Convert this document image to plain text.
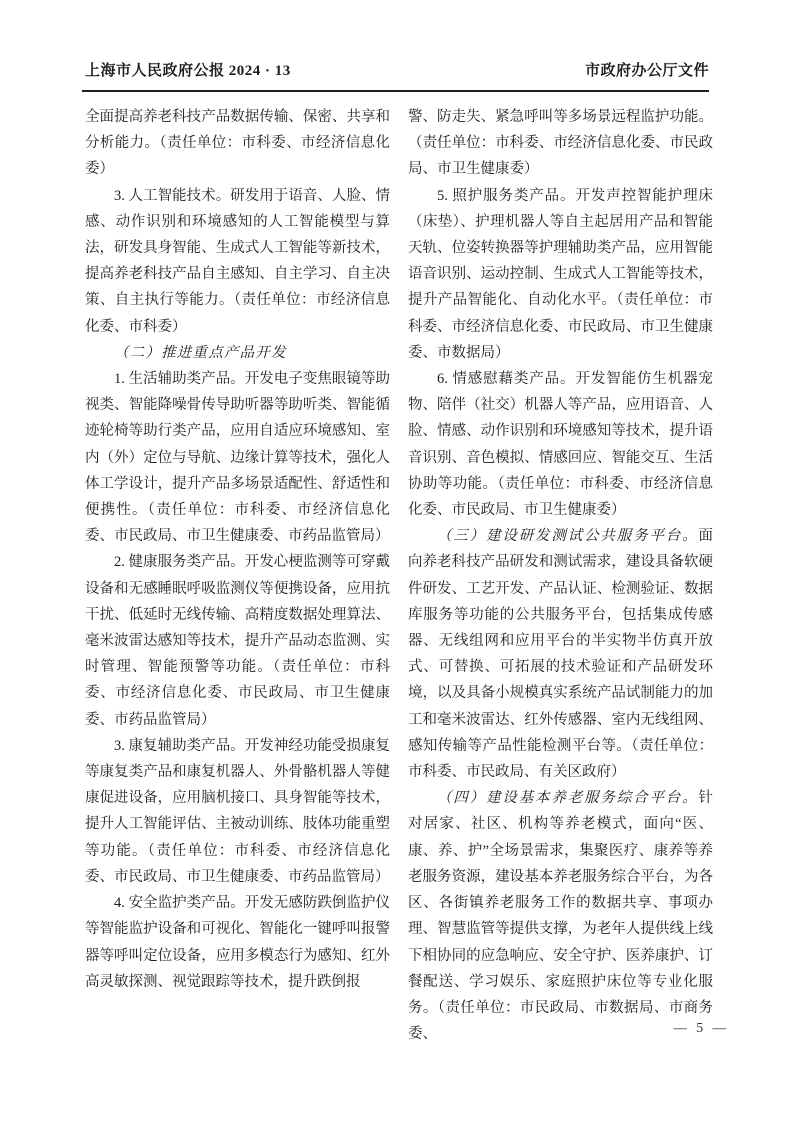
上海市人民政府公报 2024 · 13	市政府办公厅文件

全面提高养老科技产品数据传输、保密、共享和分析能力。（责任单位：市科委、市经济信息化委）

3. 人工智能技术。研发用于语音、人脸、情感、动作识别和环境感知的人工智能模型与算法，研发具身智能、生成式人工智能等新技术，提高养老科技产品自主感知、自主学习、自主决策、自主执行等能力。（责任单位：市经济信息化委、市科委）

（二）推进重点产品开发

1. 生活辅助类产品。开发电子变焦眼镜等助视类、智能降噪骨传导助听器等助听类、智能循迹轮椅等助行类产品，应用自适应环境感知、室内（外）定位与导航、边缘计算等技术，强化人体工学设计，提升产品多场景适配性、舒适性和便携性。（责任单位：市科委、市经济信息化委、市民政局、市卫生健康委、市药品监管局）

2. 健康服务类产品。开发心梗监测等可穿戴设备和无感睡眠呼吸监测仪等便携设备，应用抗干扰、低延时无线传输、高精度数据处理算法、毫米波雷达感知等技术，提升产品动态监测、实时管理、智能预警等功能。（责任单位：市科委、市经济信息化委、市民政局、市卫生健康委、市药品监管局）

3. 康复辅助类产品。开发神经功能受损康复等康复类产品和康复机器人、外骨骼机器人等健康促进设备，应用脑机接口、具身智能等技术，提升人工智能评估、主被动训练、肢体功能重塑等功能。（责任单位：市科委、市经济信息化委、市民政局、市卫生健康委、市药品监管局）

4. 安全监护类产品。开发无感防跌倒监护仪等智能监护设备和可视化、智能化一键呼叫报警器等呼叫定位设备，应用多模态行为感知、红外高灵敏探测、视觉跟踪等技术，提升跌倒报

警、防走失、紧急呼叫等多场景远程监护功能。（责任单位：市科委、市经济信息化委、市民政局、市卫生健康委）

5. 照护服务类产品。开发声控智能护理床（床垫）、护理机器人等自主起居用产品和智能天轨、位姿转换器等护理辅助类产品，应用智能语音识别、运动控制、生成式人工智能等技术，提升产品智能化、自动化水平。（责任单位：市科委、市经济信息化委、市民政局、市卫生健康委、市数据局）

6. 情感慰藉类产品。开发智能仿生机器宠物、陪伴（社交）机器人等产品，应用语音、人脸、情感、动作识别和环境感知等技术，提升语音识别、音色模拟、情感回应、智能交互、生活协助等功能。（责任单位：市科委、市经济信息化委、市民政局、市卫生健康委）

（三）建设研发测试公共服务平台。面向养老科技产品研发和测试需求，建设具备软硬件研发、工艺开发、产品认证、检测验证、数据库服务等功能的公共服务平台，包括集成传感器、无线组网和应用平台的半实物半仿真开放式、可替换、可拓展的技术验证和产品研发环境，以及具备小规模真实系统产品试制能力的加工和毫米波雷达、红外传感器、室内无线组网、感知传输等产品性能检测平台等。（责任单位：市科委、市民政局、有关区政府）

（四）建设基本养老服务综合平台。针对居家、社区、机构等养老模式，面向“医、康、养、护”全场景需求，集聚医疗、康养等养老服务资源，建设基本养老服务综合平台，为各区、各街镇养老服务工作的数据共享、事项办理、智慧监管等提供支撑，为老年人提供线上线下相协同的应急响应、安全守护、医养康护、订餐配送、学习娱乐、家庭照护床位等专业化服务。（责任单位：市民政局、市数据局、市商务委、	— 5 —
